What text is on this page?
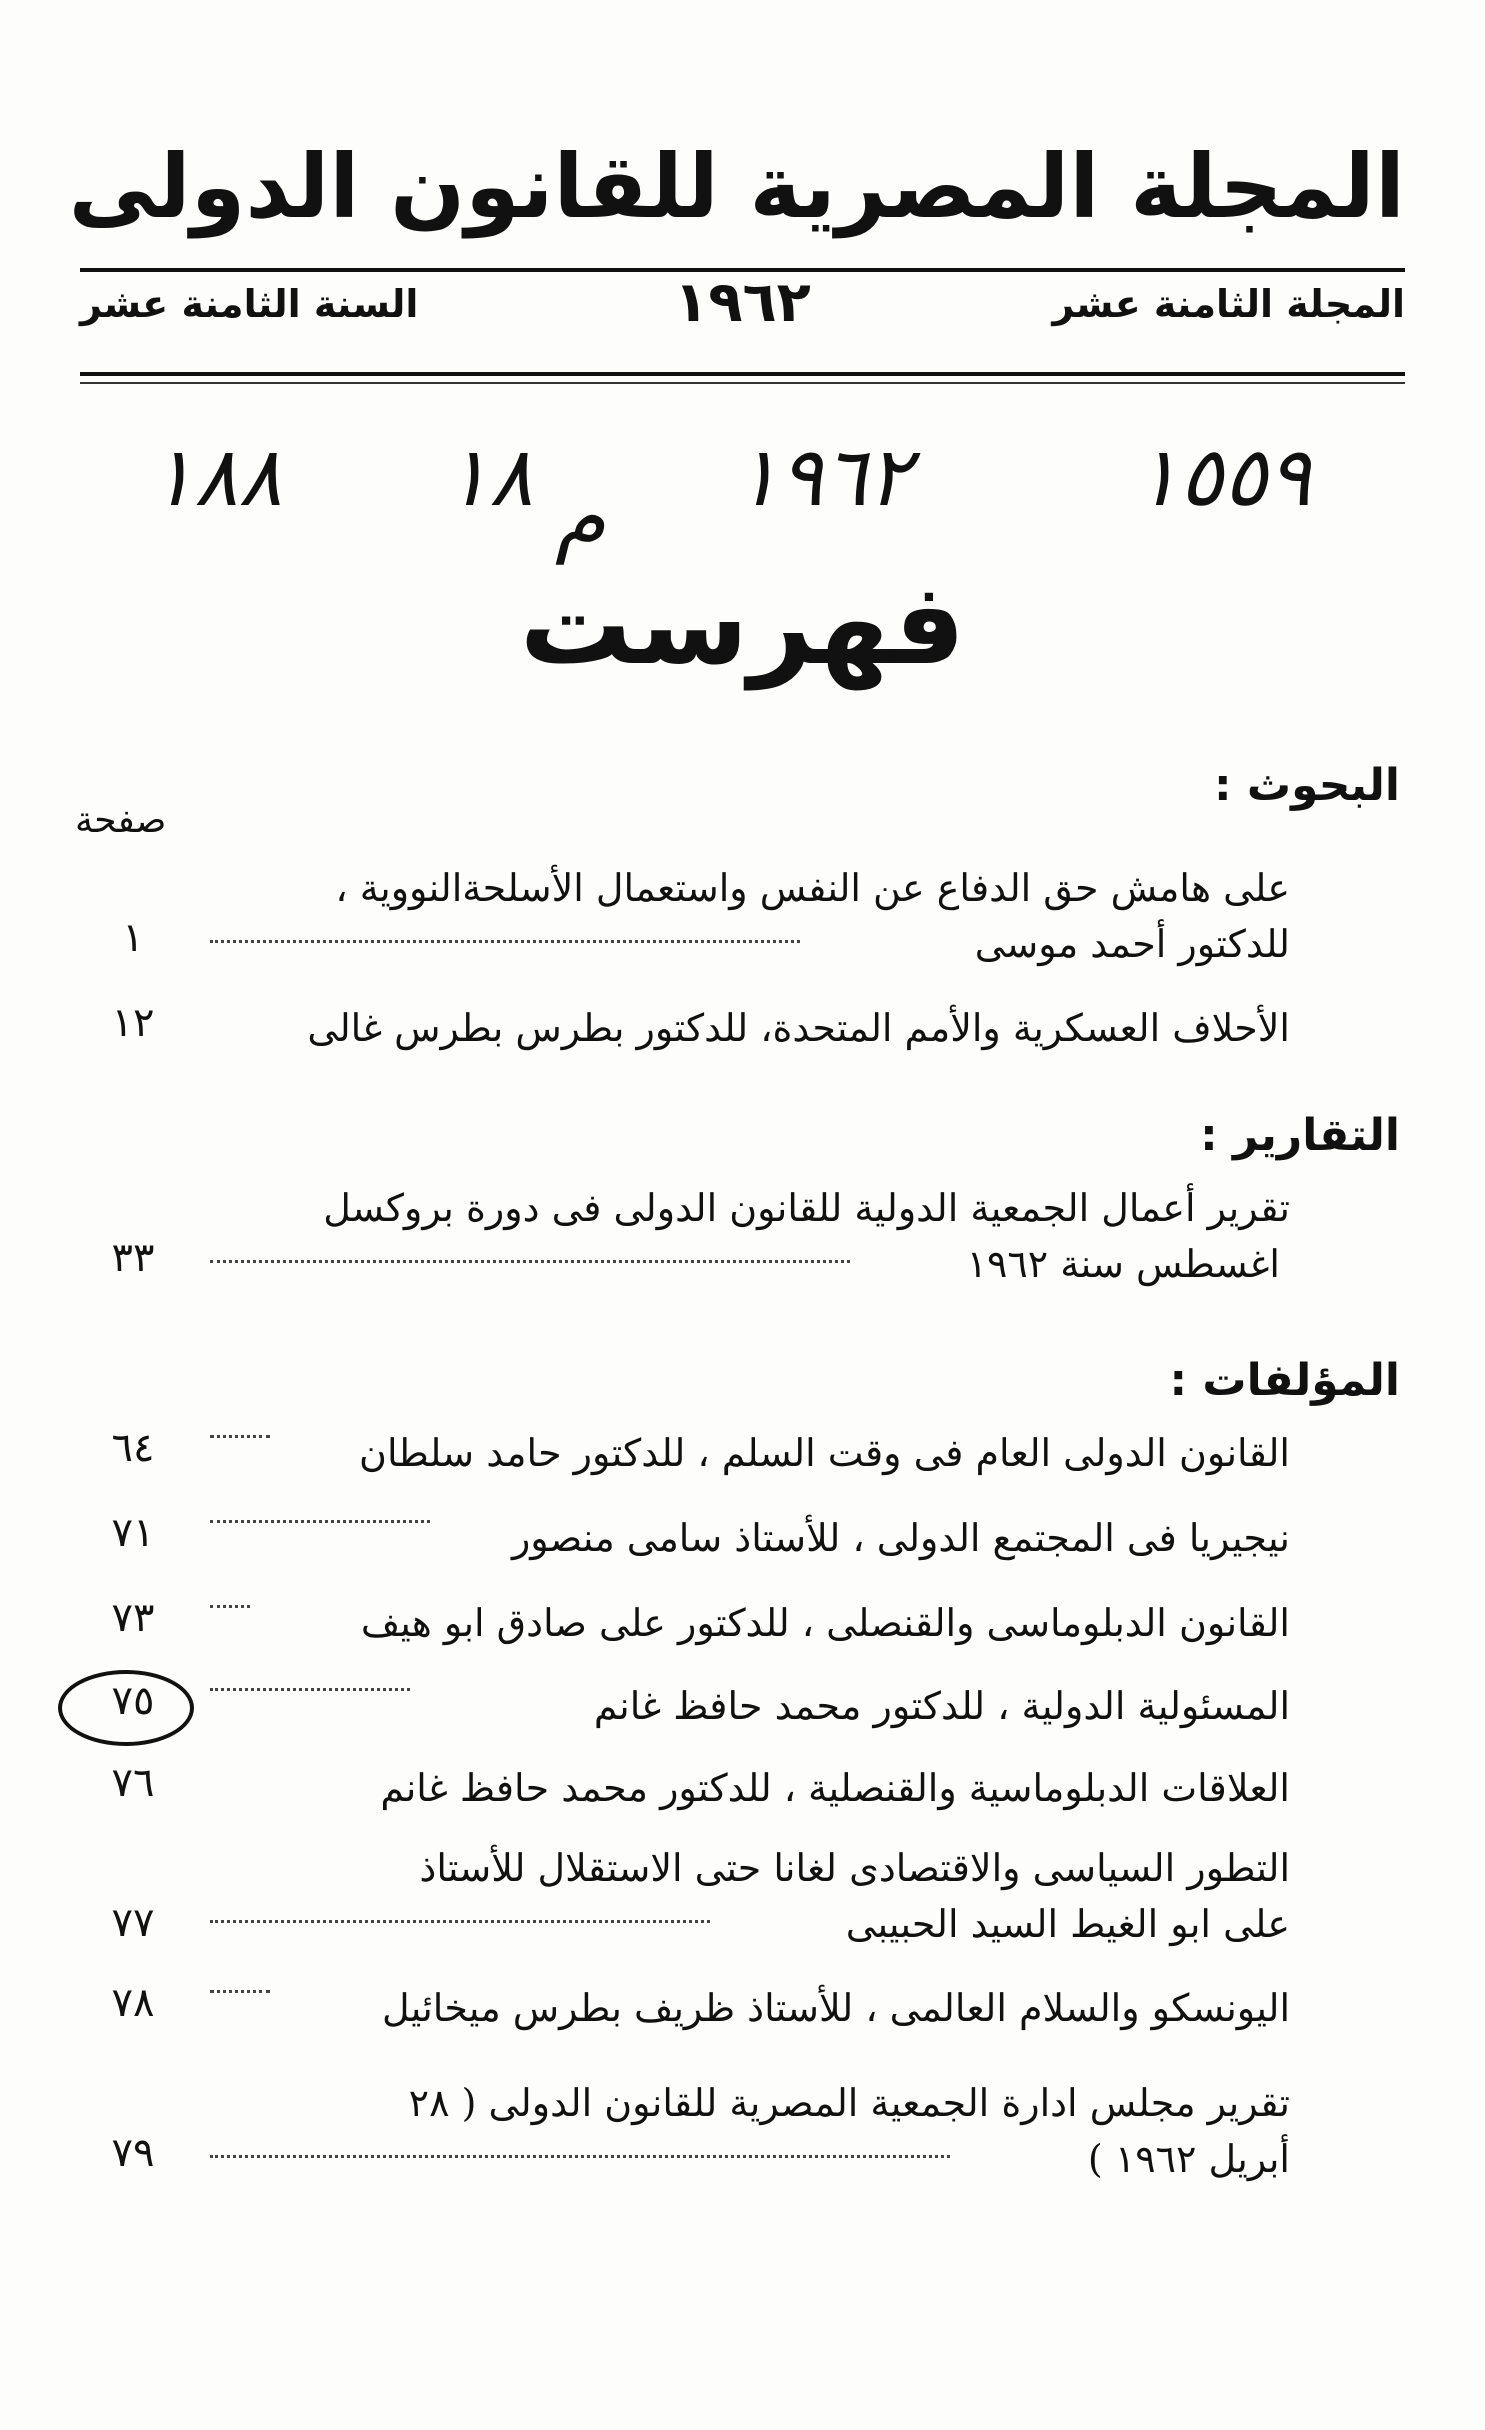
المجلة المصرية للقانون الدولى
المجلة الثامنة عشر
١٩٦٢
السنة الثامنة عشر
١٨٨ ١٨ م ١٩٦٢	١٥٥٩
فهرست
البحوث :
صفحة
على هامش حق الدفاع عن النفس واستعمال الأسلحةالنووية ،
للدكتور أحمد موسى
١
الأحلاف العسكرية والأمم المتحدة، للدكتور بطرس بطرس غالى
١٢
التقارير :
تقرير أعمال الجمعية الدولية للقانون الدولى فى دورة بروكسل
اغسطس سنة ١٩٦٢
٣٣
المؤلفات :
القانون الدولى العام فى وقت السلم ، للدكتور حامد سلطان
٦٤
نيجيريا فى المجتمع الدولى ، للأستاذ سامى منصور
٧١
القانون الدبلوماسى والقنصلى ، للدكتور على صادق ابو هيف
٧٣
المسئولية الدولية ، للدكتور محمد حافظ غانم
٧٥
العلاقات الدبلوماسية والقنصلية ، للدكتور محمد حافظ غانم
٧٦
التطور السياسى والاقتصادى لغانا حتى الاستقلال للأستاذ
على ابو الغيط السيد الحبيبى
٧٧
اليونسكو والسلام العالمى ، للأستاذ ظريف بطرس ميخائيل
٧٨
تقرير مجلس ادارة الجمعية المصرية للقانون الدولى ( ٢٨
أبريل ١٩٦٢ )
٧٩
